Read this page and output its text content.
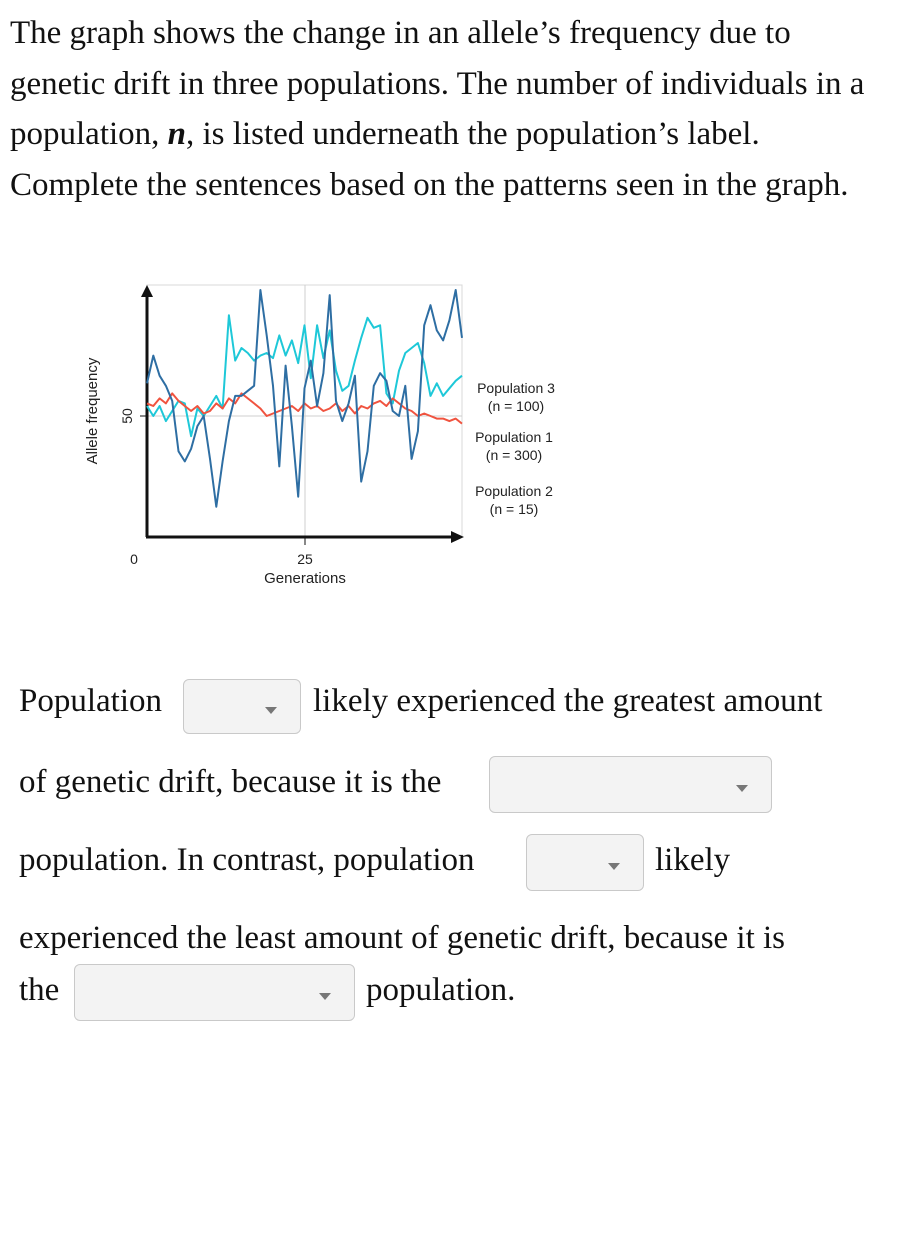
The graph shows the change in an allele’s frequency due to genetic drift in three populations. The number of individuals in a population, n, is listed underneath the population’s label. Complete the sentences based on the patterns seen in the graph.

50
0	25
Generations
Allele frequency	Population 3
(n = 100)
Population 1
(n = 300)
Population 2
(n = 15)
Population	likely experienced the greatest amount
of genetic drift, because it is the
population. In contrast, population	likely
experienced the least amount of genetic drift, because it is
the	population.
